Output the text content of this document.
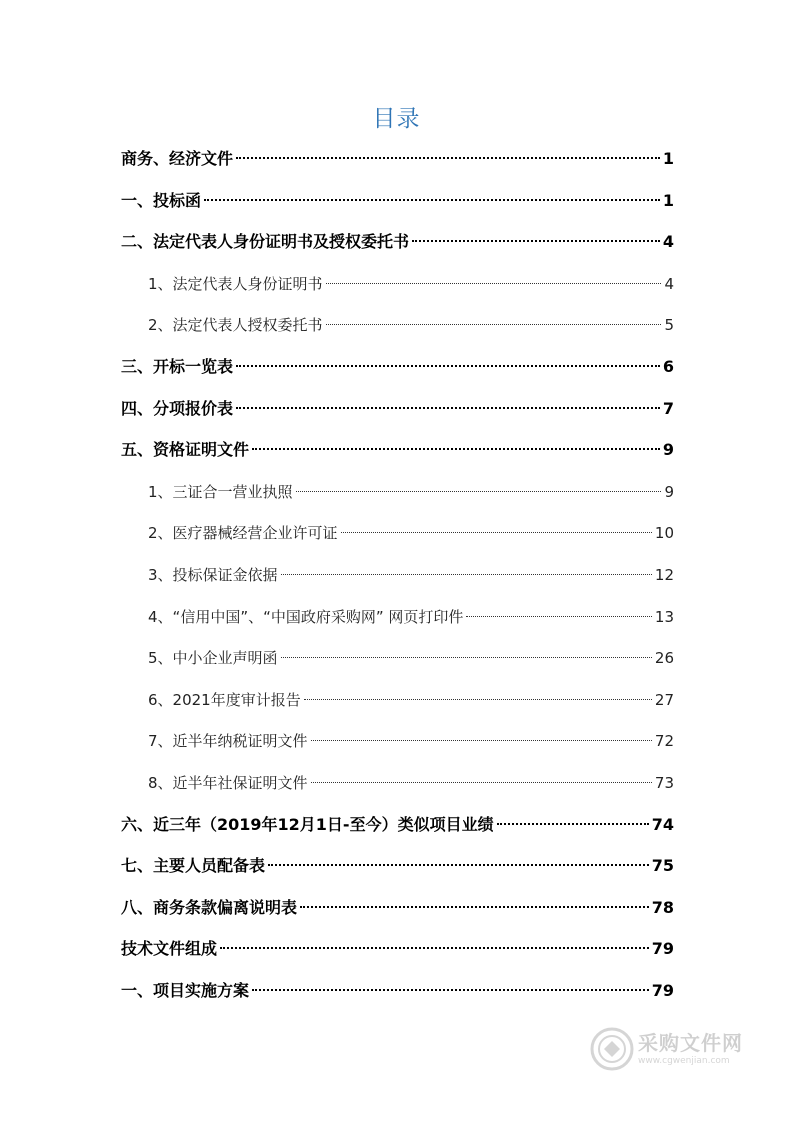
目录
商务、经济文件	1
一、投标函	1
二、法定代表人身份证明书及授权委托书	4
1、法定代表人身份证明书	4
2、法定代表人授权委托书	5
三、开标一览表	6
四、分项报价表	7
五、资格证明文件	9
1、三证合一营业执照	9
2、医疗器械经营企业许可证	10
3、投标保证金依据	12
4、“信用中国”、“中国政府采购网” 网页打印件	13
5、中小企业声明函	26
6、2021年度审计报告	27
7、近半年纳税证明文件	72
8、近半年社保证明文件	73
六、近三年（2019年12月1日-至今）类似项目业绩	74
七、主要人员配备表	75
八、商务条款偏离说明表	78
技术文件组成	79
一、项目实施方案	79
采购文件网
www.cgwenjian.com
